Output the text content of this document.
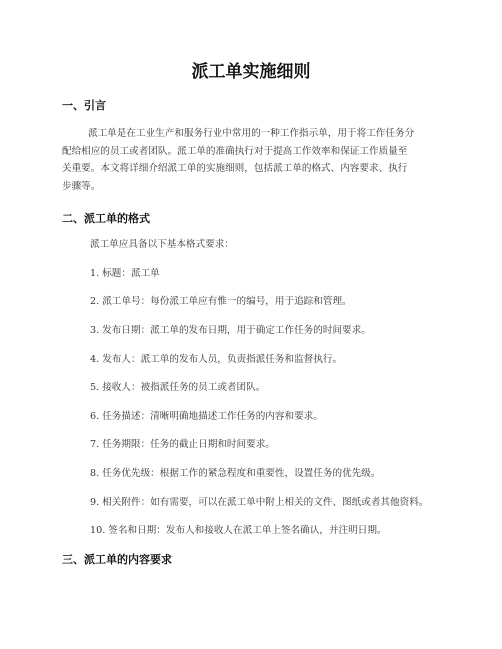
派工单实施细则
一、引言
派工单是在工业生产和服务行业中常用的一种工作指示单，用于将工作任务分
配给相应的员工或者团队。派工单的准确执行对于提高工作效率和保证工作质量至
关重要。本文将详细介绍派工单的实施细则，包括派工单的格式、内容要求、执行
步骤等。
二、派工单的格式
派工单应具备以下基本格式要求：
1. 标题：派工单
2. 派工单号：每份派工单应有惟一的编号，用于追踪和管理。
3. 发布日期：派工单的发布日期，用于确定工作任务的时间要求。
4. 发布人：派工单的发布人员，负责指派任务和监督执行。
5. 接收人：被指派任务的员工或者团队。
6. 任务描述：清晰明确地描述工作任务的内容和要求。
7. 任务期限：任务的截止日期和时间要求。
8. 任务优先级：根据工作的紧急程度和重要性，设置任务的优先级。
9. 相关附件：如有需要，可以在派工单中附上相关的文件、图纸或者其他资料。
10. 签名和日期：发布人和接收人在派工单上签名确认，并注明日期。
三、派工单的内容要求
